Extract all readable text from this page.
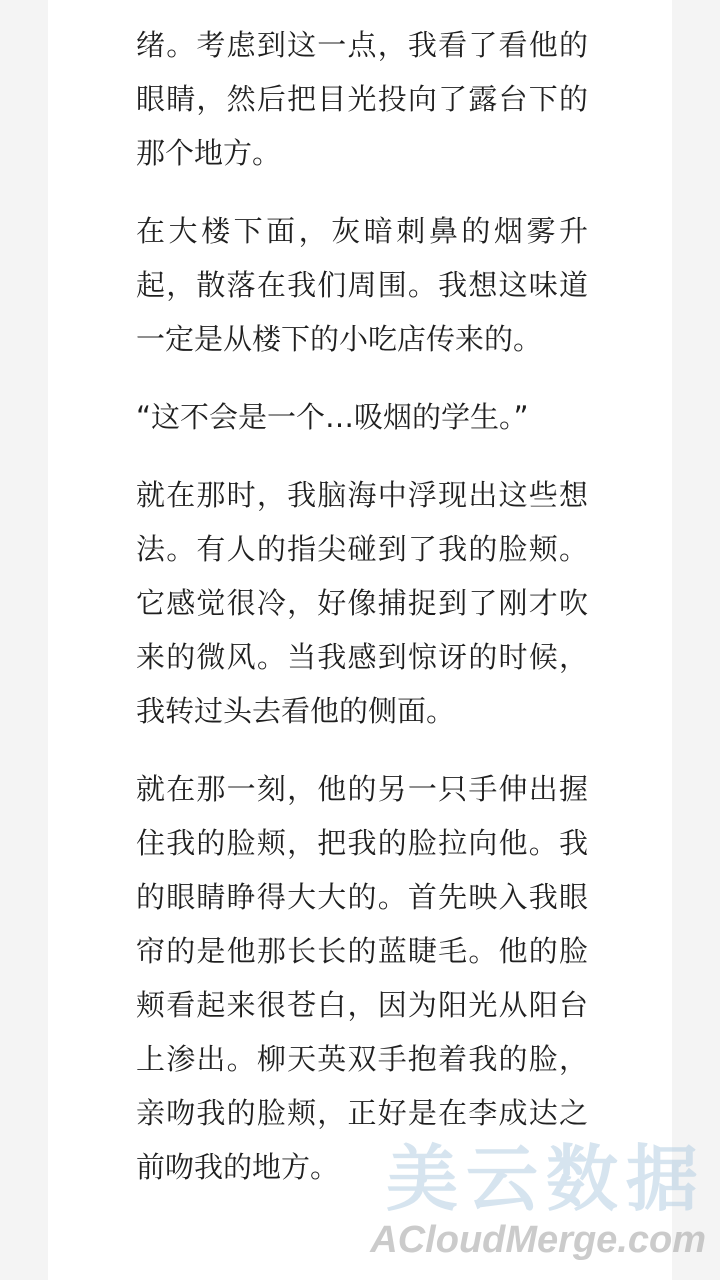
绪。考虑到这一点，我看了看他的
眼睛，然后把目光投向了露台下的
那个地方。

在大楼下面，灰暗刺鼻的烟雾升
起，散落在我们周围。我想这味道
一定是从楼下的小吃店传来的。

“这不会是一个…吸烟的学生。”

就在那时，我脑海中浮现出这些想
法。有人的指尖碰到了我的脸颊。
它感觉很冷，好像捕捉到了刚才吹
来的微风。当我感到惊讶的时候，
我转过头去看他的侧面。

就在那一刻，他的另一只手伸出握
住我的脸颊，把我的脸拉向他。我
的眼睛睁得大大的。首先映入我眼
帘的是他那长长的蓝睫毛。他的脸
颊看起来很苍白，因为阳光从阳台
上渗出。柳天英双手抱着我的脸，
亲吻我的脸颊，正好是在李成达之
前吻我的地方。 美云数据
ACloudMerge.com
